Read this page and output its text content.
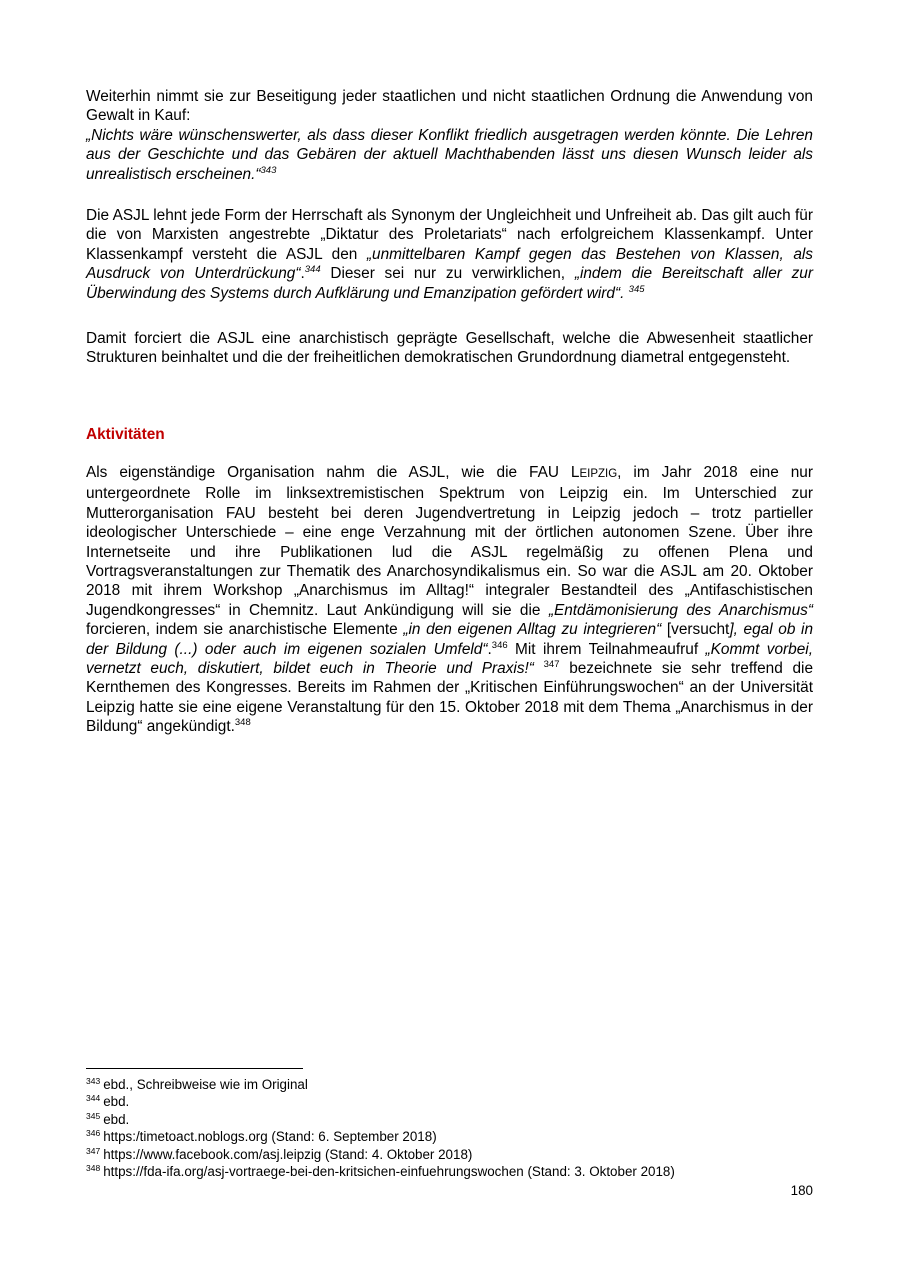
Weiterhin nimmt sie zur Beseitigung jeder staatlichen und nicht staatlichen Ordnung die Anwendung von Gewalt in Kauf:
„Nichts wäre wünschenswerter, als dass dieser Konflikt friedlich ausgetragen werden könnte. Die Lehren aus der Geschichte und das Gebären der aktuell Machthabenden lässt uns diesen Wunsch leider als unrealistisch erscheinen.“$^{343}$

Die ASJL lehnt jede Form der Herrschaft als Synonym der Ungleichheit und Unfreiheit ab. Das gilt auch für die von Marxisten angestrebte „Diktatur des Proletariats“ nach erfolgreichem Klassenkampf. Unter Klassenkampf versteht die ASJL den „unmittelbaren Kampf gegen das Bestehen von Klassen, als Ausdruck von Unterdrückung“.$^{344}$ Dieser sei nur zu verwirklichen, „indem die Bereitschaft aller zur Überwindung des Systems durch Aufklärung und Emanzipation gefördert wird“. $^{345}$

Damit forciert die ASJL eine anarchistisch geprägte Gesellschaft, welche die Abwesenheit staatlicher Strukturen beinhaltet und die der freiheitlichen demokratischen Grundordnung diametral entgegensteht.

Aktivitäten

Als eigenständige Organisation nahm die ASJL, wie die FAU LEIPZIG, im Jahr 2018 eine nur untergeordnete Rolle im linksextremistischen Spektrum von Leipzig ein. Im Unterschied zur Mutterorganisation FAU besteht bei deren Jugendvertretung in Leipzig jedoch – trotz partieller ideologischer Unterschiede – eine enge Verzahnung mit der örtlichen autonomen Szene. Über ihre Internetseite und ihre Publikationen lud die ASJL regelmäßig zu offenen Plena und Vortragsveranstaltungen zur Thematik des Anarchosyndikalismus ein. So war die ASJL am 20. Oktober 2018 mit ihrem Workshop „Anarchismus im Alltag!“ integraler Bestandteil des „Antifaschistischen Jugendkongresses“ in Chemnitz. Laut Ankündigung will sie die „Entdämonisierung des Anarchismus“ forcieren, indem sie anarchistische Elemente „in den eigenen Alltag zu integrieren“ [versucht], egal ob in der Bildung (...) oder auch im eigenen sozialen Umfeld“.$^{346}$ Mit ihrem Teilnahmeaufruf „Kommt vorbei, vernetzt euch, diskutiert, bildet euch in Theorie und Praxis!“ $^{347}$ bezeichnete sie sehr treffend die Kernthemen des Kongresses. Bereits im Rahmen der „Kritischen Einführungswochen“ an der Universität Leipzig hatte sie eine eigene Veranstaltung für den 15. Oktober 2018 mit dem Thema „Anarchismus in der Bildung“ angekündigt.$^{348}$

$^{343}$ ebd., Schreibweise wie im Original
$^{344}$ ebd.
$^{345}$ ebd.
$^{346}$ https:/timetoact.noblogs.org (Stand: 6. September 2018)
$^{347}$ https://www.facebook.com/asj.leipzig (Stand: 4. Oktober 2018)
$^{348}$ https://fda-ifa.org/asj-vortraege-bei-den-kritsichen-einfuehrungswochen (Stand: 3. Oktober 2018)
180
